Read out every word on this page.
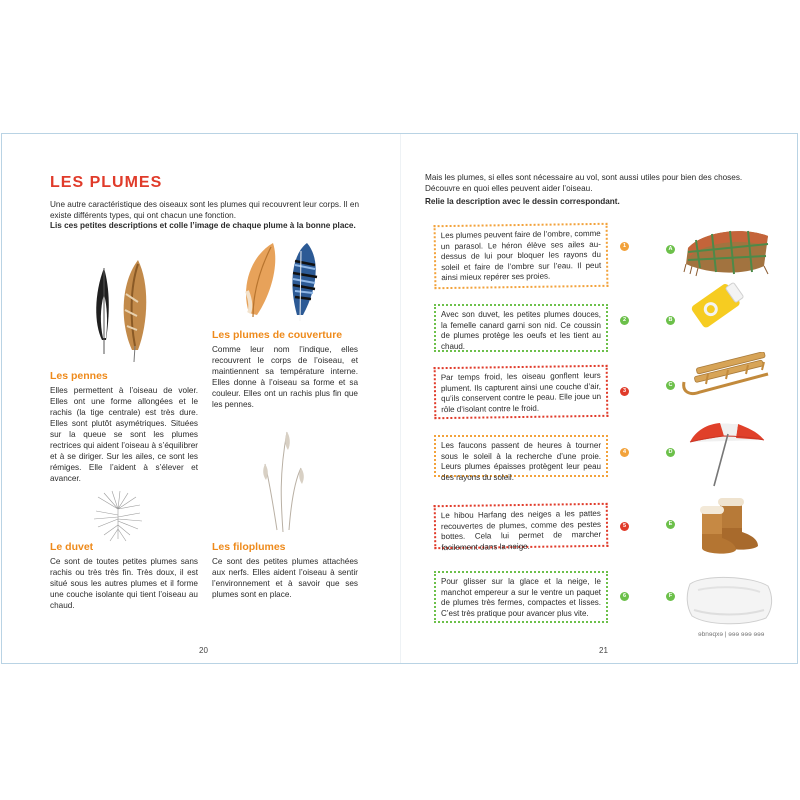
LES PLUMES

Une autre caractéristique des oiseaux sont les plumes qui recouvrent leur corps. Il en existe différents types, qui ont chacun une fonction.

Lis ces petites descriptions et colle l’image de chaque plume à la bonne place.

Les pennes

Elles permettent à l’oiseau de voler. Elles ont une forme allongées et le rachis (la tige centrale) est très dure. Elles sont plutôt asymétriques. Situées sur la queue se sont les plumes rectrices qui aident l’oiseau à s’équilibrer et à se diriger. Sur les ailes, ce sont les rémiges. Elle l’aident à s’élever et avancer.

Les plumes de couverture

Comme leur nom l’indique, elles recouvrent le corps de l’oiseau, et maintiennent sa température interne. Elles donne à l’oiseau sa forme et sa couleur. Elles ont un rachis plus fin que les pennes.

Le duvet

Ce sont de toutes petites plumes sans rachis ou très très fin. Très doux, il est situé sous les autres plumes et il forme une couche isolante qui tient l’oiseau au chaud.

Les filoplumes

Ce sont des petites plumes attachées aux nerfs. Elles aident l’oiseau à sentir l’environnement et à savoir que ses plumes sont en place.

20

Mais les plumes, si elles sont nécessaire au vol, sont aussi utiles pour bien des choses. Découvre en quoi elles peuvent aider l’oiseau.

Relie la description avec le dessin correspondant.

Les plumes peuvent faire de l’ombre, comme un parasol. Le héron élève ses ailes au-dessus de lui pour bloquer les rayons du soleil et faire de l’ombre sur l’eau. Il peut ainsi mieux repérer ses proies.
Avec son duvet, les petites plumes douces, la femelle canard garni son nid. Ce coussin de plumes protège les oeufs et les tient au chaud.
Par temps froid, les oiseau gonflent leurs plument. Ils capturent ainsi une couche d’air, qu’ils conservent contre le peau. Elle joue un rôle d’isolant contre le froid.
Les faucons passent de heures à tourner sous le soleil à la recherche d’une proie. Leurs plumes épaisses protègent leur peau des rayons du soleil.
Le hibou Harfang des neiges a les pattes recouvertes de plumes, comme des pestes bottes. Cela lui permet de marcher facilement dans la neige.
Pour glisser sur la glace et la neige, le manchot empereur a sur le ventre un paquet de plumes très fermes, compactes et lisses. C’est très pratique pour avancer plus vite.
1
2
3
4
5
6
A
B
C
D
E
F
21
ɘbnɘqxɘ | ɘɘɘ ɘɘɘ ɘɘɘ
